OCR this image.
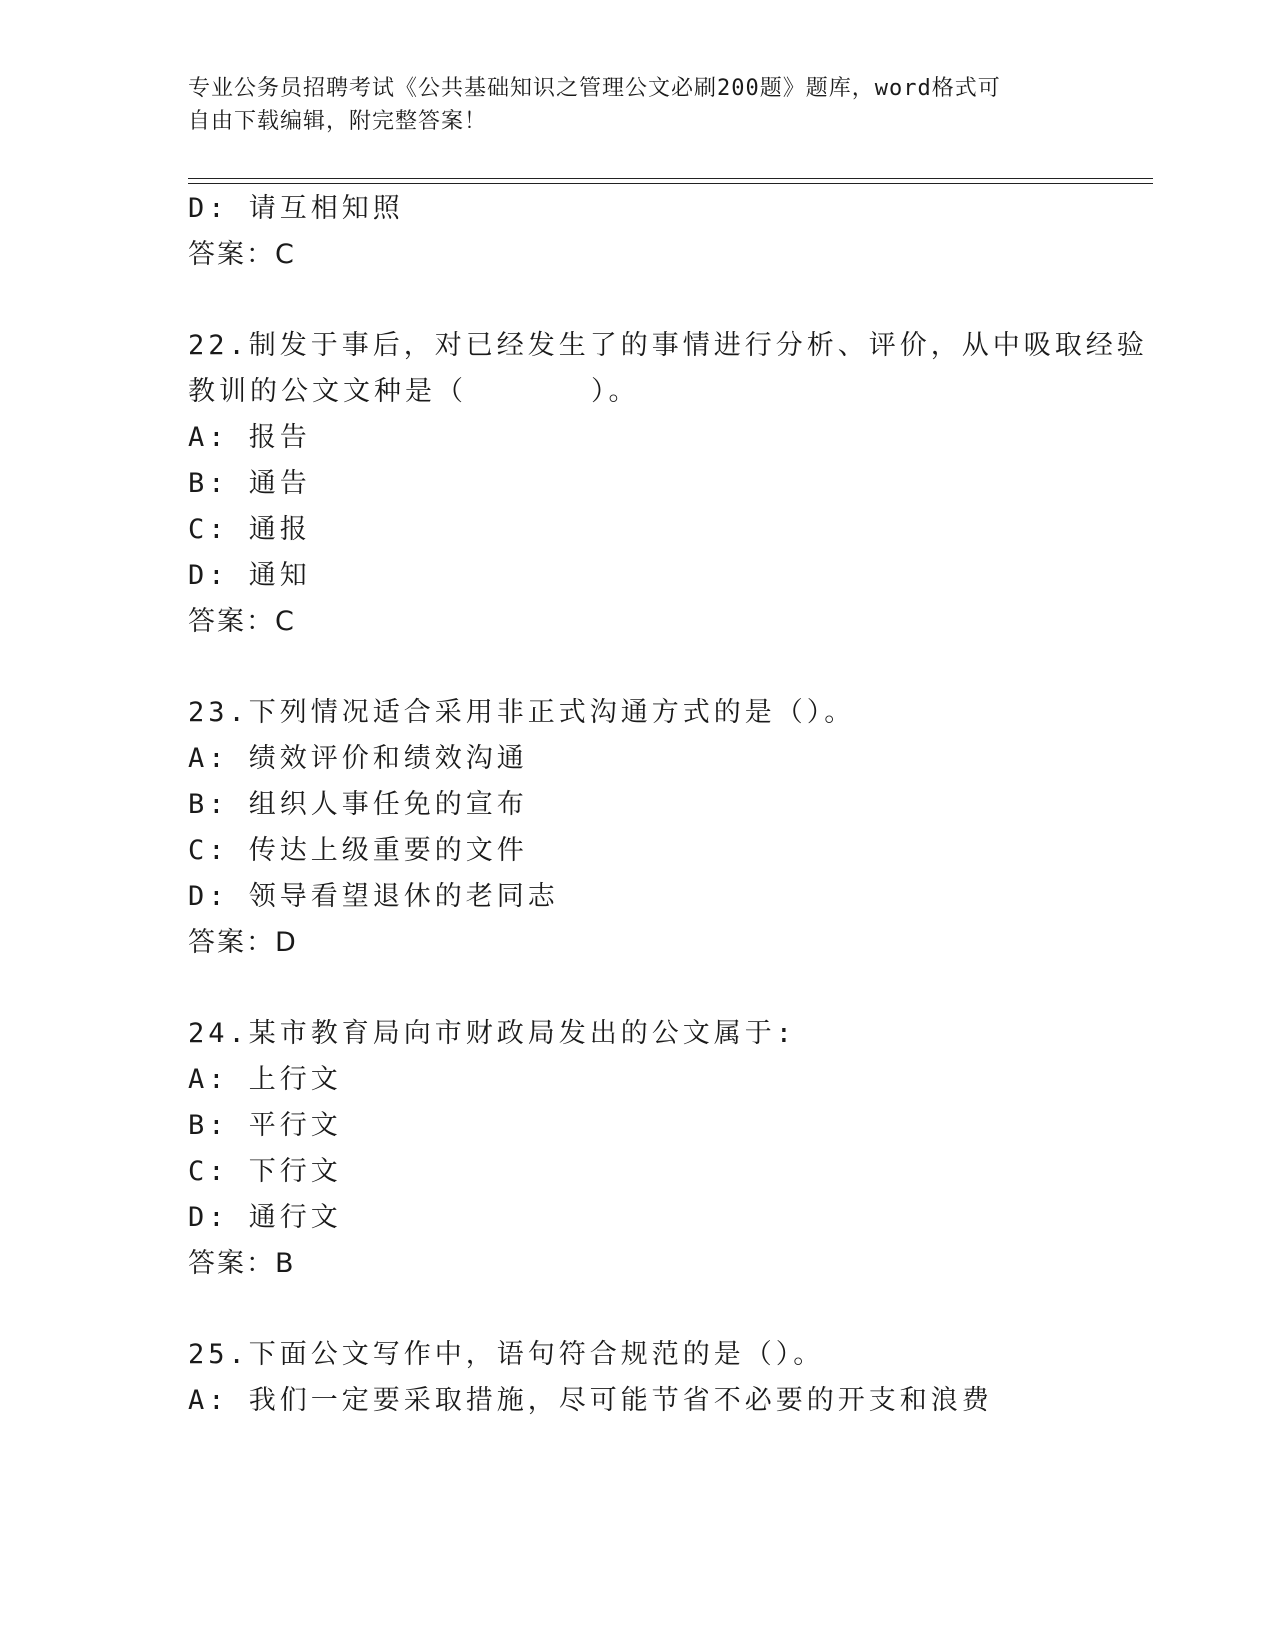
专业公务员招聘考试《公共基础知识之管理公文必刷200题》题库，word格式可
自由下载编辑，附完整答案！
D: 请互相知照
答案：C
22.制发于事后，对已经发生了的事情进行分析、评价，从中吸取经验
教训的公文文种是（　　　　）。
A: 报告
B: 通告
C: 通报
D: 通知
答案：C
23.下列情况适合采用非正式沟通方式的是（）。
A: 绩效评价和绩效沟通
B: 组织人事任免的宣布
C: 传达上级重要的文件
D: 领导看望退休的老同志
答案：D
24.某市教育局向市财政局发出的公文属于:
A: 上行文
B: 平行文
C: 下行文
D: 通行文
答案：B
25.下面公文写作中，语句符合规范的是（）。
A: 我们一定要采取措施，尽可能节省不必要的开支和浪费
